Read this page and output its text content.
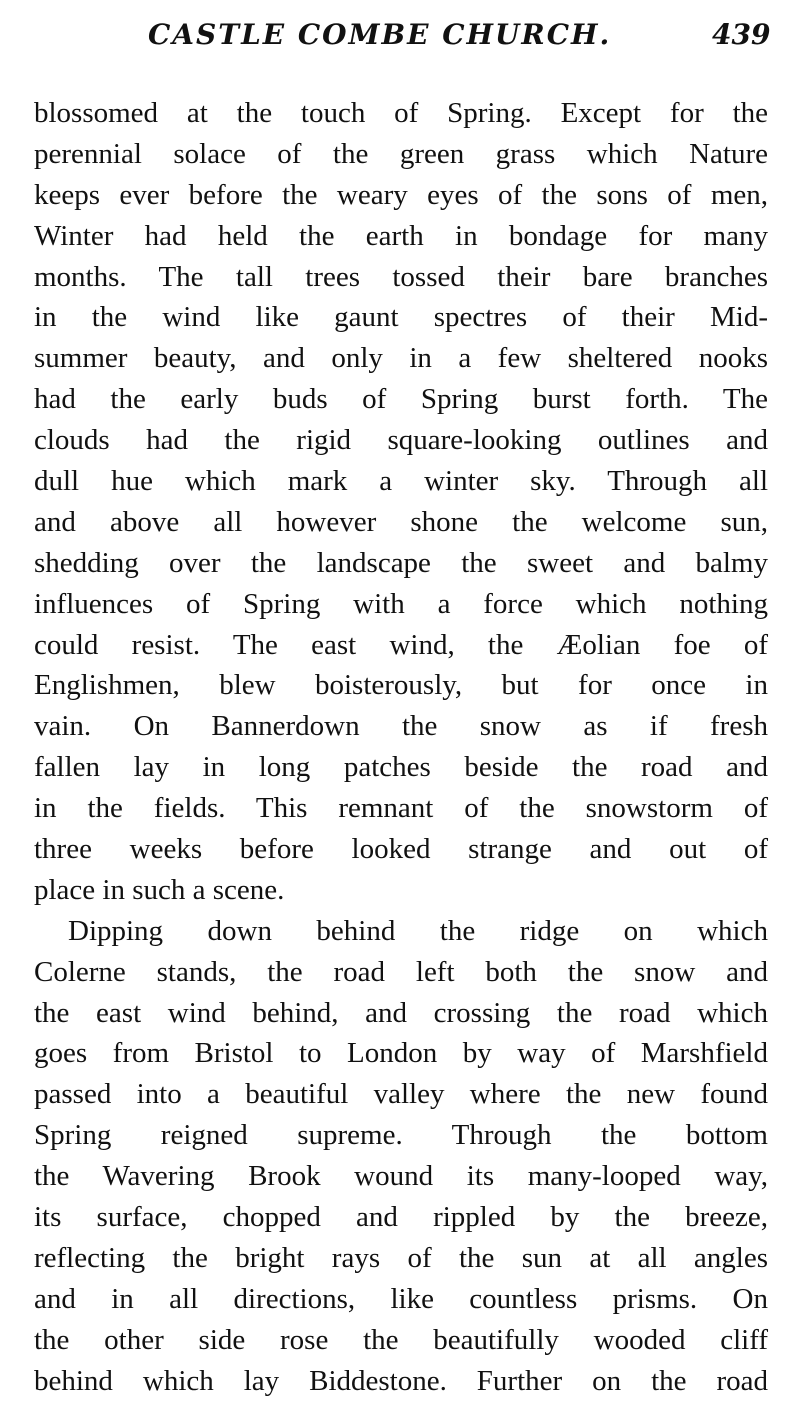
CASTLE COMBE CHURCH.	439
blossomed at the touch of Spring. Except for the
perennial solace of the green grass which Nature
keeps ever before the weary eyes of the sons of men,
Winter had held the earth in bondage for many
months. The tall trees tossed their bare branches
in the wind like gaunt spectres of their Mid-
summer beauty, and only in a few sheltered nooks
had the early buds of Spring burst forth. The
clouds had the rigid square-looking outlines and
dull hue which mark a winter sky. Through all
and above all however shone the welcome sun,
shedding over the landscape the sweet and balmy
influences of Spring with a force which nothing
could resist. The east wind, the Æolian foe of
Englishmen, blew boisterously, but for once in
vain. On Bannerdown the snow as if fresh
fallen lay in long patches beside the road and
in the fields. This remnant of the snowstorm of
three weeks before looked strange and out of
place in such a scene.
Dipping down behind the ridge on which
Colerne stands, the road left both the snow and
the east wind behind, and crossing the road which
goes from Bristol to London by way of Marshfield
passed into a beautiful valley where the new found
Spring reigned supreme. Through the bottom
the Wavering Brook wound its many-looped way,
its surface, chopped and rippled by the breeze,
reflecting the bright rays of the sun at all angles
and in all directions, like countless prisms. On
the other side rose the beautifully wooded cliff
behind which lay Biddestone. Further on the road
